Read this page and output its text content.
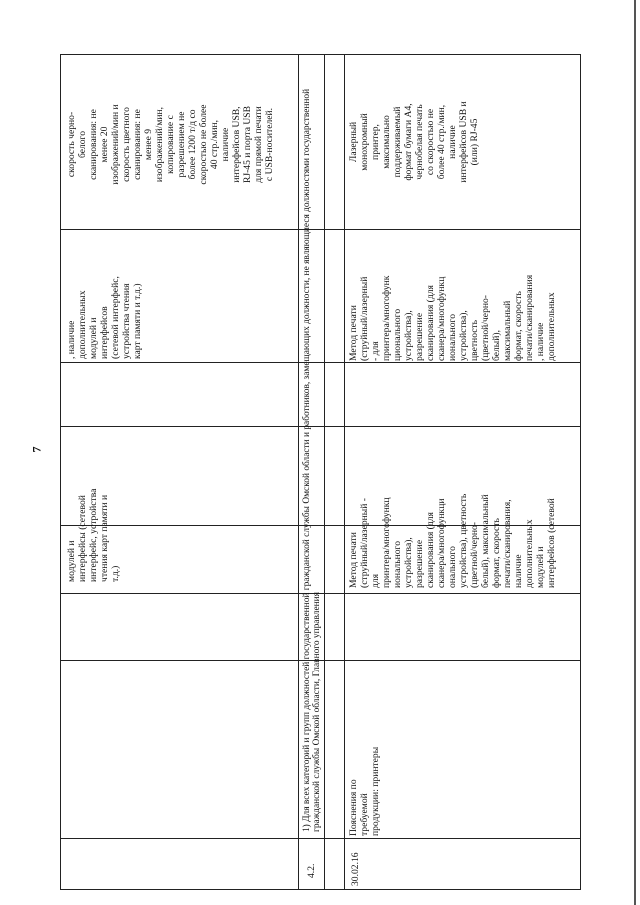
7	1) Для всех категорий и групп должностей государственной гражданской службы Омской области и работников, замещающих должности, не являющиеся должностями государственной гражданской службы Омской области, Главного управления
4.2.
модулей и
интерфейсы (сетевой
интерфейс, устройства
чтения карт памяти и
т.д.)
, наличие
дополнительных
модулей и
интерфейсов
(сетевой интерфейс,
устройства чтения
карт памяти и т.д.)
скорость черно-
белого
сканирования: не
менее 20
изображений/мин и
скорость цветного
сканирования: не
менее 9
изображений/мин,
копирование с
разрешением не
более 1200 т/д со
скоростью не более
40 стр./мин,
наличие
интерфейсов USB,
RJ-45 и порта USB
для прямой печати
с USB-носителей.
30.02.16
Пояснения по
требуемой
продукции: принтеры
Метод печати
(струйный/лазерный -
для
принтера/многофункц
ионального
устройства),
разрешение
сканирования (для
сканера/многофункци
онального
устройства), цветность
(цветной/черно-
белый), максимальный
формат, скорость
печати/сканирования,
наличие
дополнительных
модулей и
интерфейсов (сетевой
Метод печати
(струйный/лазерный
- для
принтера/многофунк
ционального
устройства),
разрешение
сканирования (для
сканера/многофункц
ионального
устройства),
цветность
(цветной/черно-
белый),
максимальный
формат, скорость
печати/сканирования
, наличие
дополнительных
Лазерный
монохромный
принтер,
максимально
поддерживаемый
формат бумаги А4,
чернобелая печать
со скоростью не
более 40 стр./мин,
наличие
интерфейсов USB и
(или) RJ-45
